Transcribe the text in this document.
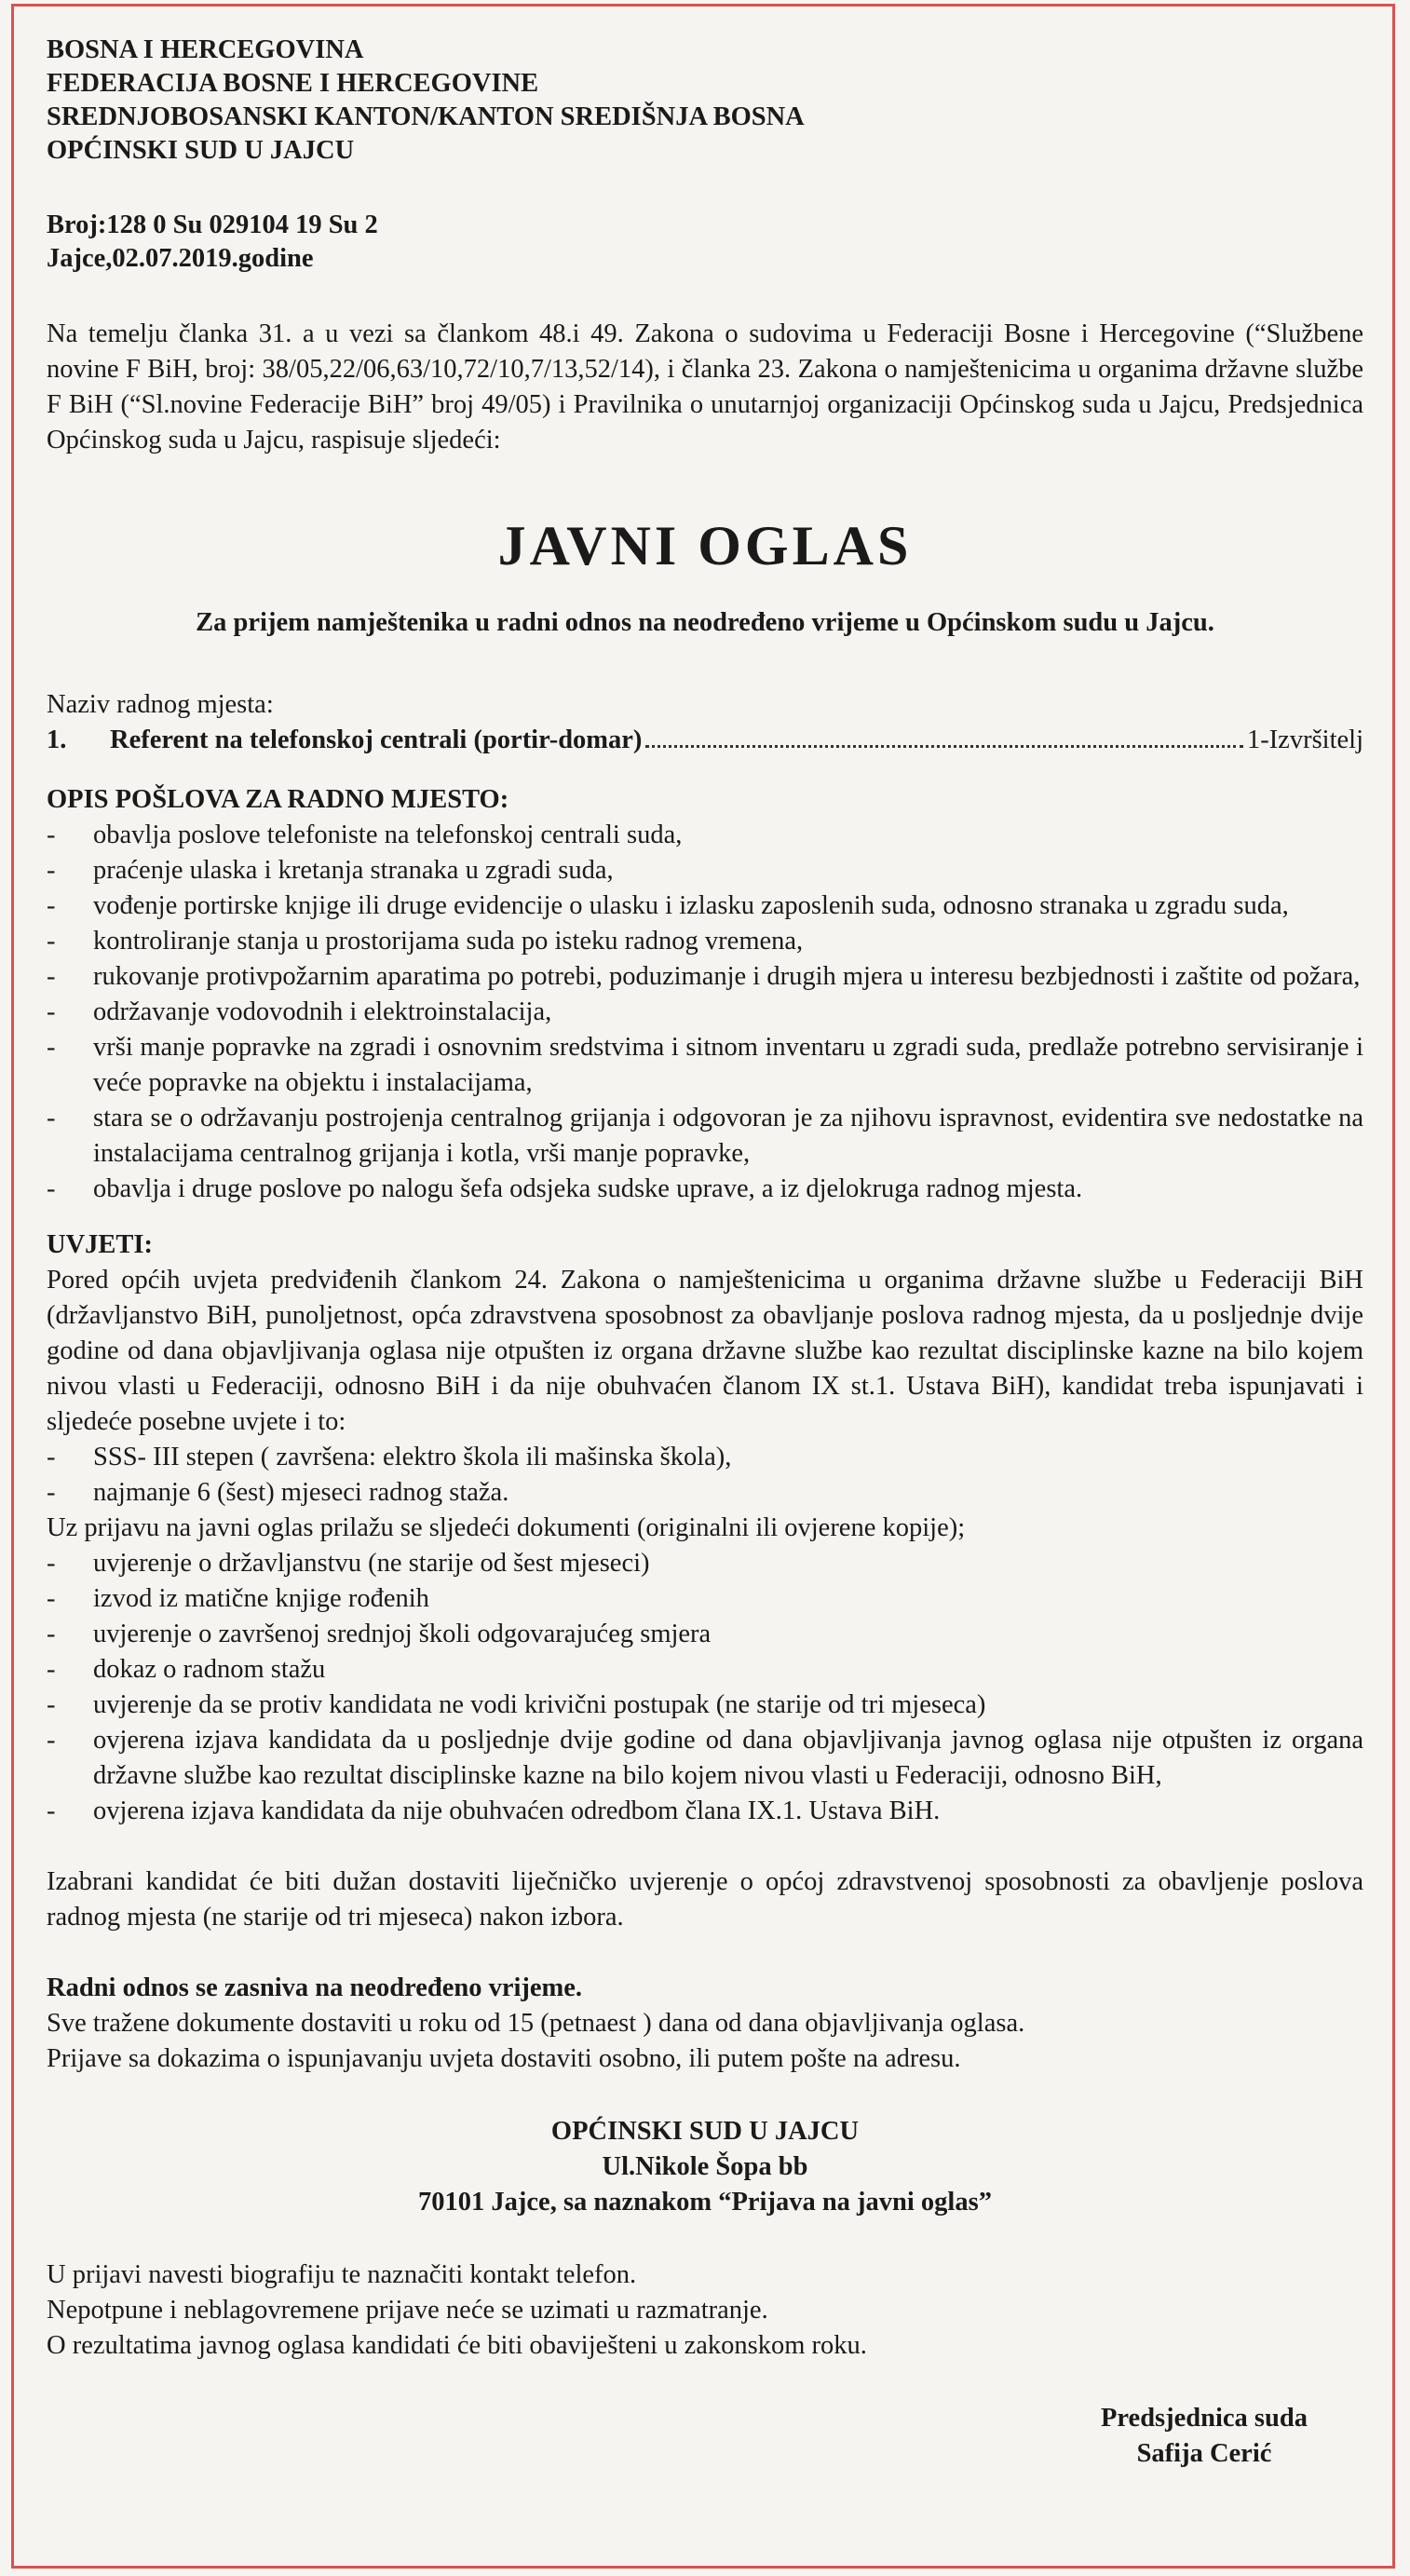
BOSNA I HERCEGOVINA
FEDERACIJA BOSNE I HERCEGOVINE
SREDNJOBOSANSKI KANTON/KANTON SREDIŠNJA BOSNA
OPĆINSKI SUD U JAJCU
Broj:128 0 Su 029104 19 Su 2
Jajce,02.07.2019.godine
Na temelju članka 31. a u vezi sa člankom 48.i 49. Zakona o sudovima u Federaciji Bosne i Hercegovine (“Službene novine F BiH, broj: 38/05,22/06,63/10,72/10,7/13,52/14), i članka 23. Zakona o namještenicima u organima državne službe F BiH (“Sl.novine Federacije BiH” broj 49/05) i Pravilnika o unutarnjoj organizaciji Općinskog suda u Jajcu, Predsjednica Općinskog suda u Jajcu, raspisuje sljedeći:
JAVNI OGLAS
Za prijem namještenika u radni odnos na neodređeno vrijeme u Općinskom sudu u Jajcu.
Naziv radnog mjesta:
1.	Referent na telefonskoj centrali (portir-domar)	1-Izvršitelj
OPIS POŠLOVA ZA RADNO MJESTO:
- obavlja poslove telefoniste na telefonskoj centrali suda,
- praćenje ulaska i kretanja stranaka u zgradi suda,
- vođenje portirske knjige ili druge evidencije o ulasku i izlasku zaposlenih suda, odnosno stranaka u zgradu suda,
- kontroliranje stanja u prostorijama suda po isteku radnog vremena,
- rukovanje protivpožarnim aparatima po potrebi, poduzimanje i drugih mjera u interesu bezbjednosti i zaštite od požara,
- održavanje vodovodnih i elektroinstalacija,
- vrši manje popravke na zgradi i osnovnim sredstvima i sitnom inventaru u zgradi suda, predlaže potrebno servisiranje i veće popravke na objektu i instalacijama,
- stara se o održavanju postrojenja centralnog grijanja i odgovoran je za njihovu ispravnost, evidentira sve nedostatke na instalacijama centralnog grijanja i kotla, vrši manje popravke,
- obavlja i druge poslove po nalogu šefa odsjeka sudske uprave, a iz djelokruga radnog mjesta.
UVJETI:
Pored općih uvjeta predviđenih člankom 24. Zakona o namještenicima u organima državne službe u Federaciji BiH (državljanstvo BiH, punoljetnost, opća zdravstvena sposobnost za obavljanje poslova radnog mjesta, da u posljednje dvije godine od dana objavljivanja oglasa nije otpušten iz organa državne službe kao rezultat disciplinske kazne na bilo kojem nivou vlasti u Federaciji, odnosno BiH i da nije obuhvaćen članom IX st.1. Ustava BiH), kandidat treba ispunjavati i sljedeće posebne uvjete i to:
- SSS- III stepen ( završena: elektro škola ili mašinska škola),
- najmanje 6 (šest) mjeseci radnog staža.
Uz prijavu na javni oglas prilažu se sljedeći dokumenti (originalni ili ovjerene kopije);
- uvjerenje o državljanstvu (ne starije od šest mjeseci)
- izvod iz matične knjige rođenih
- uvjerenje o završenoj srednjoj školi odgovarajućeg smjera
- dokaz o radnom stažu
- uvjerenje da se protiv kandidata ne vodi krivični postupak (ne starije od tri mjeseca)
- ovjerena izjava kandidata da u posljednje dvije godine od dana objavljivanja javnog oglasa nije otpušten iz organa državne službe kao rezultat disciplinske kazne na bilo kojem nivou vlasti u Federaciji, odnosno BiH,
- ovjerena izjava kandidata da nije obuhvaćen odredbom člana IX.1. Ustava BiH.
Izabrani kandidat će biti dužan dostaviti liječničko uvjerenje o općoj zdravstvenoj sposobnosti za obavljenje poslova radnog mjesta (ne starije od tri mjeseca) nakon izbora.
Radni odnos se zasniva na neodređeno vrijeme.
Sve tražene dokumente dostaviti u roku od 15 (petnaest ) dana od dana objavljivanja oglasa.
Prijave sa dokazima o ispunjavanju uvjeta dostaviti osobno, ili putem pošte na adresu.
OPĆINSKI SUD U JAJCU
Ul.Nikole Šopa bb
70101 Jajce, sa naznakom “Prijava na javni oglas”
U prijavi navesti biografiju te naznačiti kontakt telefon.
Nepotpune i neblagovremene prijave neće se uzimati u razmatranje.
O rezultatima javnog oglasa kandidati će biti obaviješteni u zakonskom roku.
Predsjednica suda
Safija Cerić
